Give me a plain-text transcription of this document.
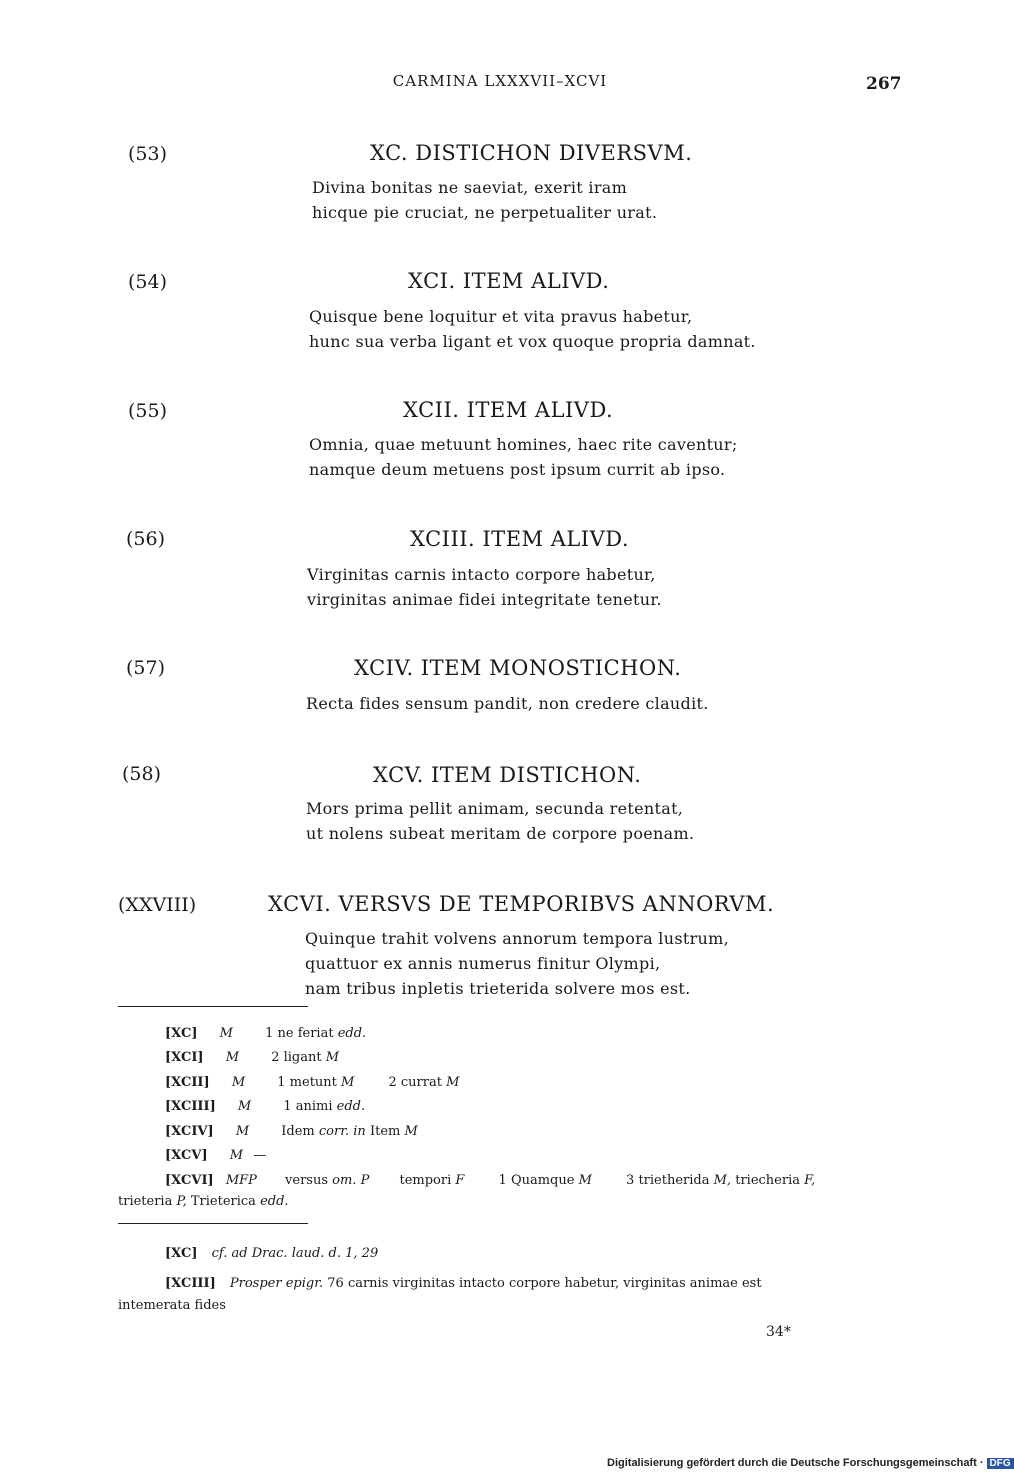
CARMINA LXXXVII–XCVI	267
(53)	XC. DISTICHON DIVERSVM.
Divina bonitas ne saeviat, exerit iram
hicque pie cruciat, ne perpetualiter urat.
(54)	XCI. ITEM ALIVD.
Quisque bene loquitur et vita pravus habetur,
hunc sua verba ligant et vox quoque propria damnat.
(55)	XCII. ITEM ALIVD.
Omnia, quae metuunt homines, haec rite caventur;
namque deum metuens post ipsum currit ab ipso.
(56)	XCIII. ITEM ALIVD.
Virginitas carnis intacto corpore habetur,
virginitas animae fidei integritate tenetur.
(57)	XCIV. ITEM MONOSTICHON.
Recta fides sensum pandit, non credere claudit.
(58)	XCV. ITEM DISTICHON.
Mors prima pellit animam, secunda retentat,
ut nolens subeat meritam de corpore poenam.
(XXVIII)	XCVI. VERSVS DE TEMPORIBVS ANNORVM.
Quinque trahit volvens annorum tempora lustrum,
quattuor ex annis numerus finitur Olympi,
nam tribus inpletis trieterida solvere mos est.
[XC] M 1 ne feriat edd.
[XCI] M 2 ligant M
[XCII] M 1 metunt M	2 currat M
[XCIII] M 1 animi edd.
[XCIV] M Idem corr. in Item M
[XCV] M —
[XCVI] MFP versus om. P tempori F	1 Quamque M	3 trietherida M, triecheria F,
trieteria P, Trieterica edd.
[XC] cf. ad Drac. laud. d. 1, 29
[XCIII] Prosper epigr. 76 carnis virginitas intacto corpore habetur, virginitas animae est
intemerata fides
34*
Digitalisierung gefördert durch die Deutsche Forschungsgemeinschaft · DFG
